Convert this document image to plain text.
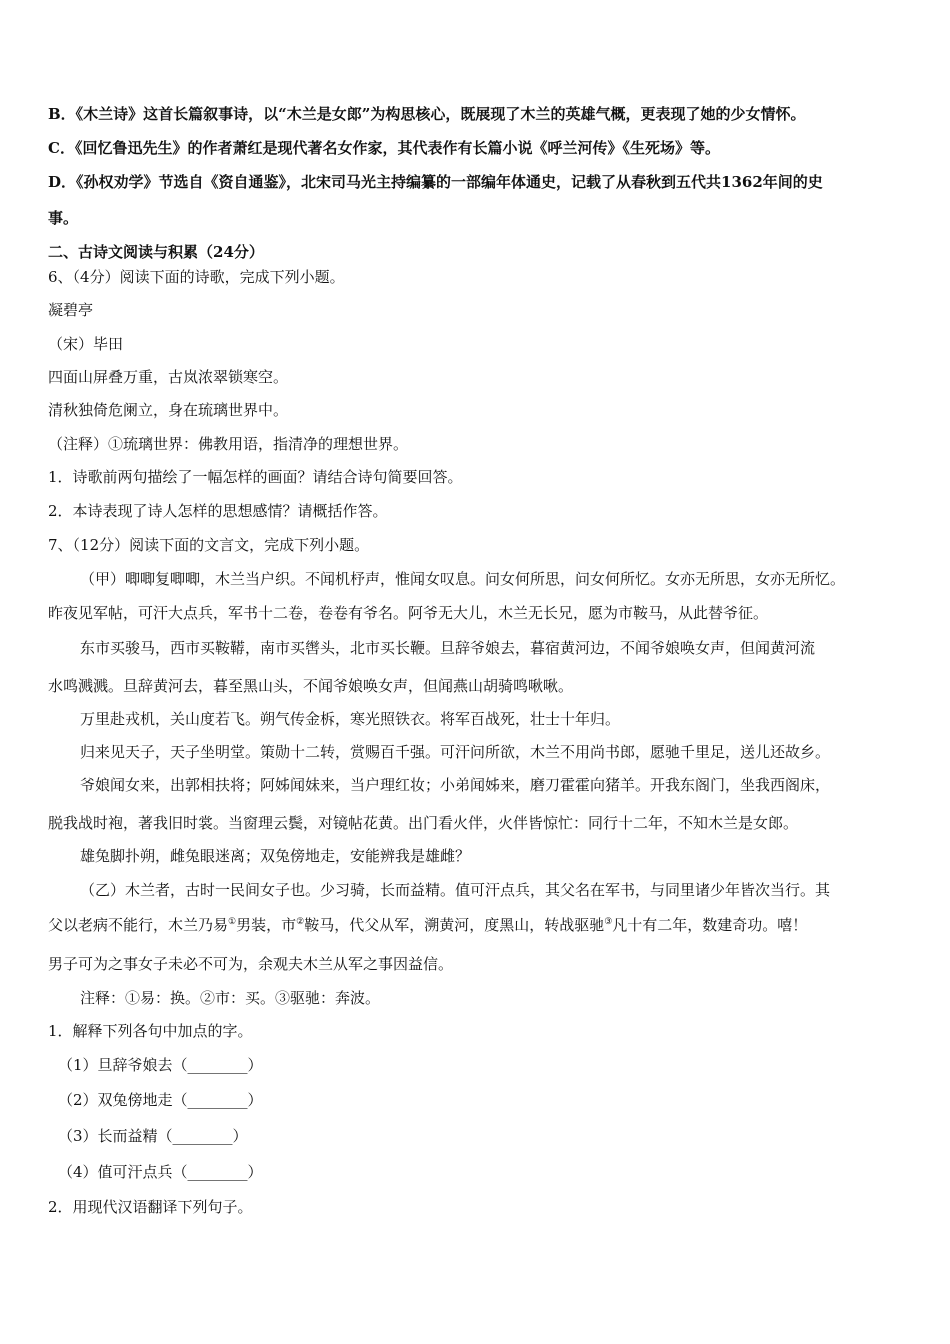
B．《木兰诗》这首长篇叙事诗，以“木兰是女郎”为构思核心，既展现了木兰的英雄气概，更表现了她的少女情怀。
C．《回忆鲁迅先生》的作者萧红是现代著名女作家，其代表作有长篇小说《呼兰河传》《生死场》等。
D．《孙权劝学》节选自《资自通鉴》，北宋司马光主持编纂的一部编年体通史，记载了从春秋到五代共1362年间的史
事。
二、古诗文阅读与积累（24分）
6、（4分）阅读下面的诗歌，完成下列小题。
凝碧亭
（宋）毕田
四面山屏叠万重，古岚浓翠锁寒空。
清秋独倚危阑立，身在琉璃世界中。
（注释）①琉璃世界：佛教用语，指清净的理想世界。
1．诗歌前两句描绘了一幅怎样的画面？请结合诗句简要回答。
2．本诗表现了诗人怎样的思想感情？请概括作答。
7、（12分）阅读下面的文言文，完成下列小题。
（甲）唧唧复唧唧，木兰当户织。不闻机杼声，惟闻女叹息。问女何所思，问女何所忆。女亦无所思，女亦无所忆。
昨夜见军帖，可汗大点兵，军书十二卷，卷卷有爷名。阿爷无大儿，木兰无长兄，愿为市鞍马，从此替爷征。
东市买骏马，西市买鞍鞯，南市买辔头，北市买长鞭。旦辞爷娘去，暮宿黄河边，不闻爷娘唤女声，但闻黄河流
水鸣溅溅。旦辞黄河去，暮至黑山头，不闻爷娘唤女声，但闻燕山胡骑鸣啾啾。
万里赴戎机，关山度若飞。朔气传金柝，寒光照铁衣。将军百战死，壮士十年归。
归来见天子，天子坐明堂。策勋十二转，赏赐百千强。可汗问所欲，木兰不用尚书郎，愿驰千里足，送儿还故乡。
爷娘闻女来，出郭相扶将；阿姊闻妹来，当户理红妆；小弟闻姊来，磨刀霍霍向猪羊。开我东阁门，坐我西阁床，
脱我战时袍，著我旧时裳。当窗理云鬓，对镜帖花黄。出门看火伴，火伴皆惊忙：同行十二年，不知木兰是女郎。
雄兔脚扑朔，雌兔眼迷离；双兔傍地走，安能辨我是雄雌？
（乙）木兰者，古时一民间女子也。少习骑，长而益精。值可汗点兵，其父名在军书，与同里诸少年皆次当行。其
父以老病不能行，木兰乃易①男装，市②鞍马，代父从军，溯黄河，度黑山，转战驱驰③凡十有二年，数建奇功。嘻！
男子可为之事女子未必不可为，余观夫木兰从军之事因益信。
注释：①易：换。②市：买。③驱驰：奔波。
1．解释下列各句中加点的字。
（1）旦辞爷娘去（________）
（2）双兔傍地走（________）
（3）长而益精（________）
（4）值可汗点兵（________）
2．用现代汉语翻译下列句子。
